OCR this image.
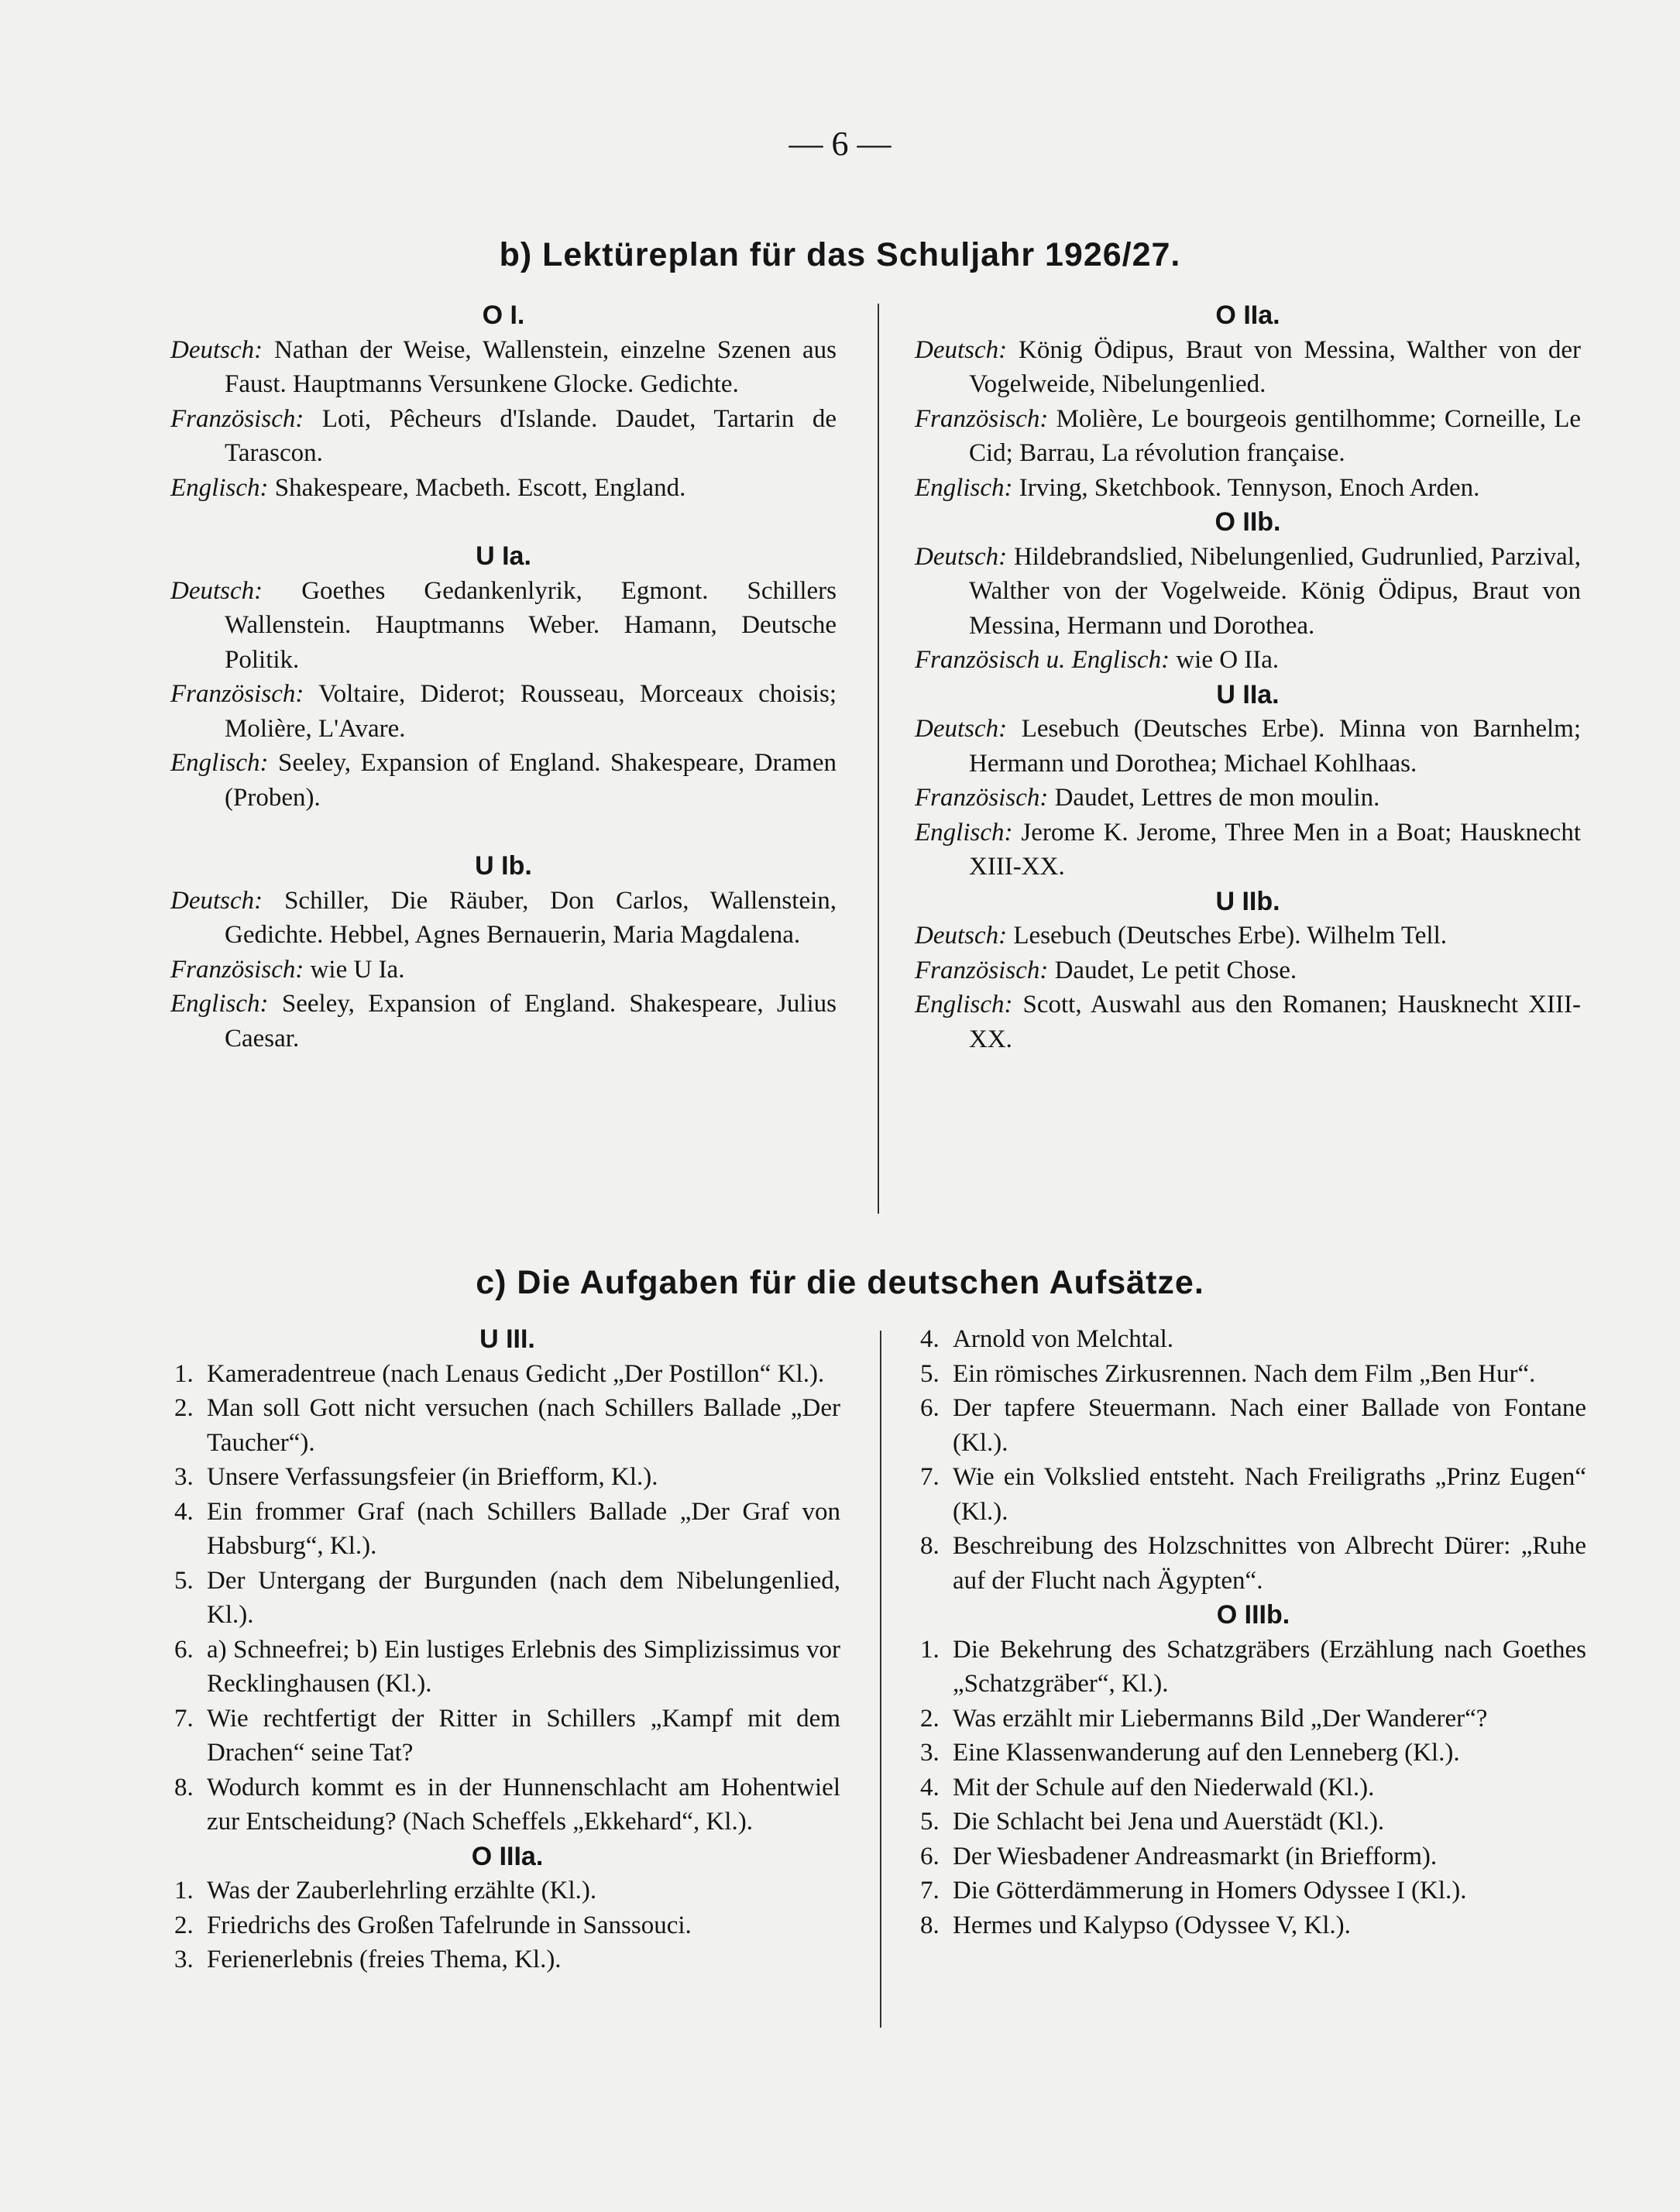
— 6 —
b) Lektüreplan für das Schuljahr 1926/27.
O I.
Deutsch: Nathan der Weise, Wallenstein, einzelne Szenen aus Faust. Hauptmanns Versunkene Glocke. Gedichte.
Französisch: Loti, Pêcheurs d'Islande. Daudet, Tartarin de Tarascon.
Englisch: Shakespeare, Macbeth. Escott, England.
U Ia.
Deutsch: Goethes Gedankenlyrik, Egmont. Schillers Wallenstein. Hauptmanns Weber. Hamann, Deutsche Politik.
Französisch: Voltaire, Diderot; Rousseau, Morceaux choisis; Molière, L'Avare.
Englisch: Seeley, Expansion of England. Shakespeare, Dramen (Proben).
U Ib.
Deutsch: Schiller, Die Räuber, Don Carlos, Wallenstein, Gedichte. Hebbel, Agnes Bernauerin, Maria Magdalena.
Französisch: wie U Ia.
Englisch: Seeley, Expansion of England. Shakespeare, Julius Caesar.
O IIa.
Deutsch: König Ödipus, Braut von Messina, Walther von der Vogelweide, Nibelungenlied.
Französisch: Molière, Le bourgeois gentilhomme; Corneille, Le Cid; Barrau, La révolution française.
Englisch: Irving, Sketchbook. Tennyson, Enoch Arden.
O IIb.
Deutsch: Hildebrandslied, Nibelungenlied, Gudrunlied, Parzival, Walther von der Vogelweide. König Ödipus, Braut von Messina, Hermann und Dorothea.
Französisch u. Englisch: wie O IIa.
U IIa.
Deutsch: Lesebuch (Deutsches Erbe). Minna von Barnhelm; Hermann und Dorothea; Michael Kohlhaas.
Französisch: Daudet, Lettres de mon moulin.
Englisch: Jerome K. Jerome, Three Men in a Boat; Hausknecht XIII-XX.
U IIb.
Deutsch: Lesebuch (Deutsches Erbe). Wilhelm Tell.
Französisch: Daudet, Le petit Chose.
Englisch: Scott, Auswahl aus den Romanen; Hausknecht XIII-XX.
c) Die Aufgaben für die deutschen Aufsätze.
U III.
1. Kameradentreue (nach Lenaus Gedicht „Der Postillon“ Kl.).
2. Man soll Gott nicht versuchen (nach Schillers Ballade „Der Taucher“).
3. Unsere Verfassungsfeier (in Briefform, Kl.).
4. Ein frommer Graf (nach Schillers Ballade „Der Graf von Habsburg“, Kl.).
5. Der Untergang der Burgunden (nach dem Nibelungenlied, Kl.).
6. a) Schneefrei; b) Ein lustiges Erlebnis des Simplizissimus vor Recklinghausen (Kl.).
7. Wie rechtfertigt der Ritter in Schillers „Kampf mit dem Drachen“ seine Tat?
8. Wodurch kommt es in der Hunnenschlacht am Hohentwiel zur Entscheidung? (Nach Scheffels „Ekkehard“, Kl.).
O IIIa.
1. Was der Zauberlehrling erzählte (Kl.).
2. Friedrichs des Großen Tafelrunde in Sanssouci.
3. Ferienerlebnis (freies Thema, Kl.).
4. Arnold von Melchtal.
5. Ein römisches Zirkusrennen. Nach dem Film „Ben Hur“.
6. Der tapfere Steuermann. Nach einer Ballade von Fontane (Kl.).
7. Wie ein Volkslied entsteht. Nach Freiligraths „Prinz Eugen“ (Kl.).
8. Beschreibung des Holzschnittes von Albrecht Dürer: „Ruhe auf der Flucht nach Ägypten“.
O IIIb.
1. Die Bekehrung des Schatzgräbers (Erzählung nach Goethes „Schatzgräber“, Kl.).
2. Was erzählt mir Liebermanns Bild „Der Wanderer“?
3. Eine Klassenwanderung auf den Lenneberg (Kl.).
4. Mit der Schule auf den Niederwald (Kl.).
5. Die Schlacht bei Jena und Auerstädt (Kl.).
6. Der Wiesbadener Andreasmarkt (in Briefform).
7. Die Götterdämmerung in Homers Odyssee I (Kl.).
8. Hermes und Kalypso (Odyssee V, Kl.).
